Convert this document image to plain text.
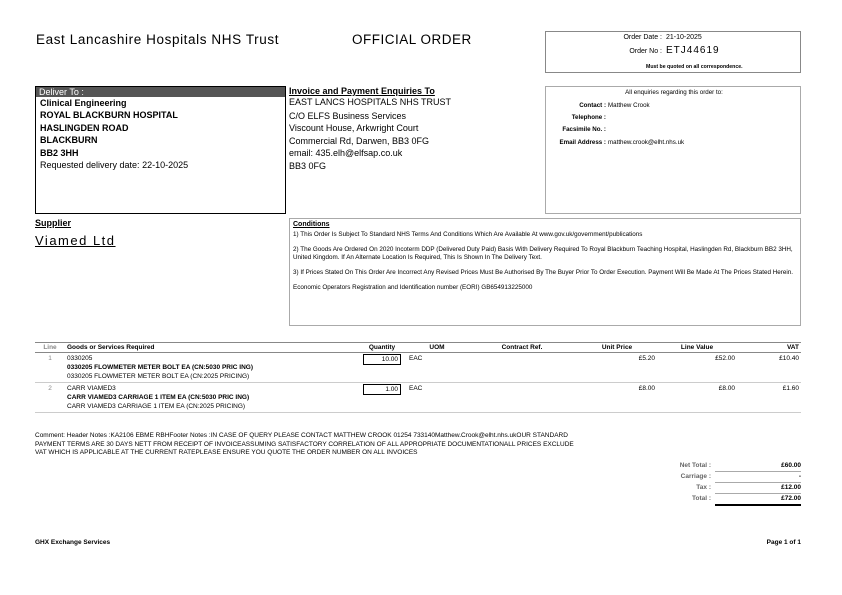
East Lancashire Hospitals NHS Trust	OFFICIAL ORDER	Order Date : 21-10-2025
Order No : ETJ44619
Must be quoted on all correspondence.
Deliver To :
Clinical Engineering
ROYAL BLACKBURN HOSPITAL
HASLINGDEN ROAD
BLACKBURN
BB2 3HH
Requested delivery date: 22-10-2025
Invoice and Payment Enquiries To
EAST LANCS HOSPITALS NHS TRUST
C/O ELFS Business Services
Viscount House, Arkwright Court
Commercial Rd, Darwen, BB3 0FG
email: 435.elh@elfsap.co.uk
BB3 0FG
All enquiries regarding this order to:
Contact : Matthew Crook
Telephone :
Facsimile No. :
Email Address : matthew.crook@elht.nhs.uk
Supplier
Viamed Ltd
Conditions

1) This Order Is Subject To Standard NHS Terms And Conditions Which Are Available At www.gov.uk/government/publications

2) The Goods Are Ordered On 2020 Incoterm DDP (Delivered Duty Paid) Basis With Delivery Required To Royal Blackburn Teaching Hospital, Haslingden Rd, Blackburn BB2 3HH, United Kingdom. If An Alternate Location Is Required, This Is Shown In The Delivery Text.

3) If Prices Stated On This Order Are Incorrect Any Revised Prices Must Be Authorised By The Buyer Prior To Order Execution. Payment Will Be Made At The Prices Stated Herein.

Economic Operators Registration and Identification number (EORI) GB654913225000

Line	Goods or Services Required	Quantity	UOM	Contract Ref.	Unit Price	Line Value	VAT
1	0330205
0330205 FLOWMETER METER BOLT EA (CN:5030 PRIC ING)
0330205 FLOWMETER METER BOLT EA (CN:2025 PRICING)	10.00	EAC		£5.20	£52.00	£10.40
2	CARR VIAMED3
CARR VIAMED3 CARRIAGE 1 ITEM EA (CN:5030 PRIC ING)
CARR VIAMED3 CARRIAGE 1 ITEM EA (CN:2025 PRICING)	1.00	EAC		£8.00	£8.00	£1.60
Comment: Header Notes :KA2106 EBME RBHFooter Notes :IN CASE OF QUERY PLEASE CONTACT MATTHEW CROOK 01254 733140Matthew.Crook@elht.nhs.ukOUR STANDARD
PAYMENT TERMS ARE 30 DAYS NETT FROM RECEIPT OF INVOICEASSUMING SATISFACTORY CORRELATION OF ALL APPROPRIATE DOCUMENTATIONALL PRICES EXCLUDE
VAT WHICH IS APPLICABLE AT THE CURRENT RATEPLEASE ENSURE YOU QUOTE THE ORDER NUMBER ON ALL INVOICES
Net Total :	£60.00
Carriage :	-
Tax :	£12.00
Total :	£72.00
GHX Exchange Services	Page 1 of 1
